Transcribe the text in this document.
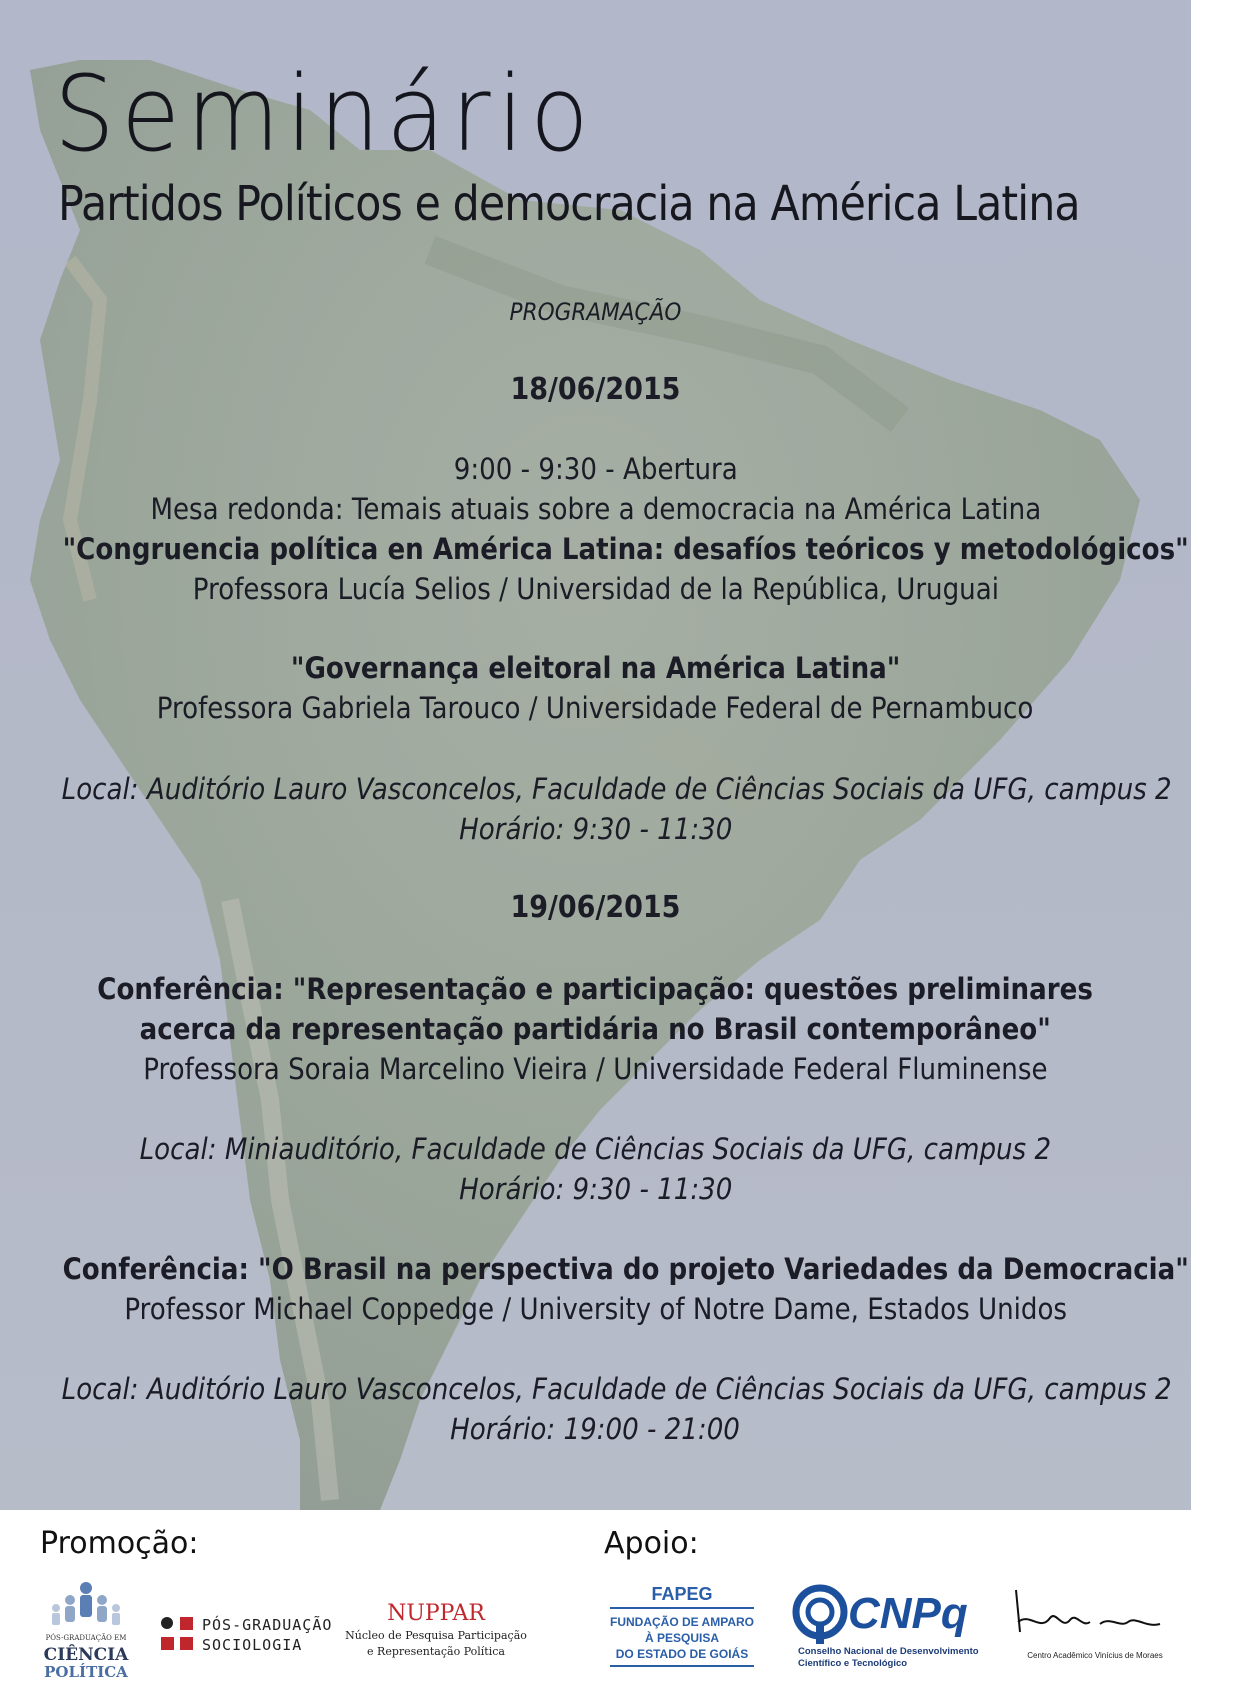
Seminário
Partidos Políticos e democracia na América Latina

PROGRAMAÇÃO

18/06/2015

9:00 - 9:30 - Abertura

Mesa redonda: Temais atuais sobre a democracia na América Latina

"Congruencia política en América Latina: desafíos teóricos y metodológicos"

Professora Lucía Selios / Universidad de la República, Uruguai

"Governança eleitoral na América Latina"

Professora Gabriela Tarouco / Universidade Federal de Pernambuco

Local: Auditório Lauro Vasconcelos, Faculdade de Ciências Sociais da UFG, campus 2

Horário: 9:30 - 11:30

19/06/2015

Conferência: "Representação e participação: questões preliminares

acerca da representação partidária no Brasil contemporâneo"

Professora Soraia Marcelino Vieira / Universidade Federal Fluminense

Local: Miniauditório, Faculdade de Ciências Sociais da UFG, campus 2

Horário: 9:30 - 11:30

Conferência: "O Brasil na perspectiva do projeto Variedades da Democracia"

Professor Michael Coppedge / University of Notre Dame, Estados Unidos

Local: Auditório Lauro Vasconcelos, Faculdade de Ciências Sociais da UFG, campus 2

Horário: 19:00 - 21:00

Promoção:	Apoio:
PÓS-GRADUAÇÃO EM
CIÊNCIA
POLÍTICA
PÓS-GRADUAÇÃO
SOCIOLOGIA
NUPPAR
Núcleo de Pesquisa Participação
e Representação Política
FAPEG
FUNDAÇÃO DE AMPARO
À PESQUISA
DO ESTADO DE GOIÁS
CNPq
Conselho Nacional de Desenvolvimento
Científico e Tecnológico
Centro Acadêmico Vinícius de Moraes
